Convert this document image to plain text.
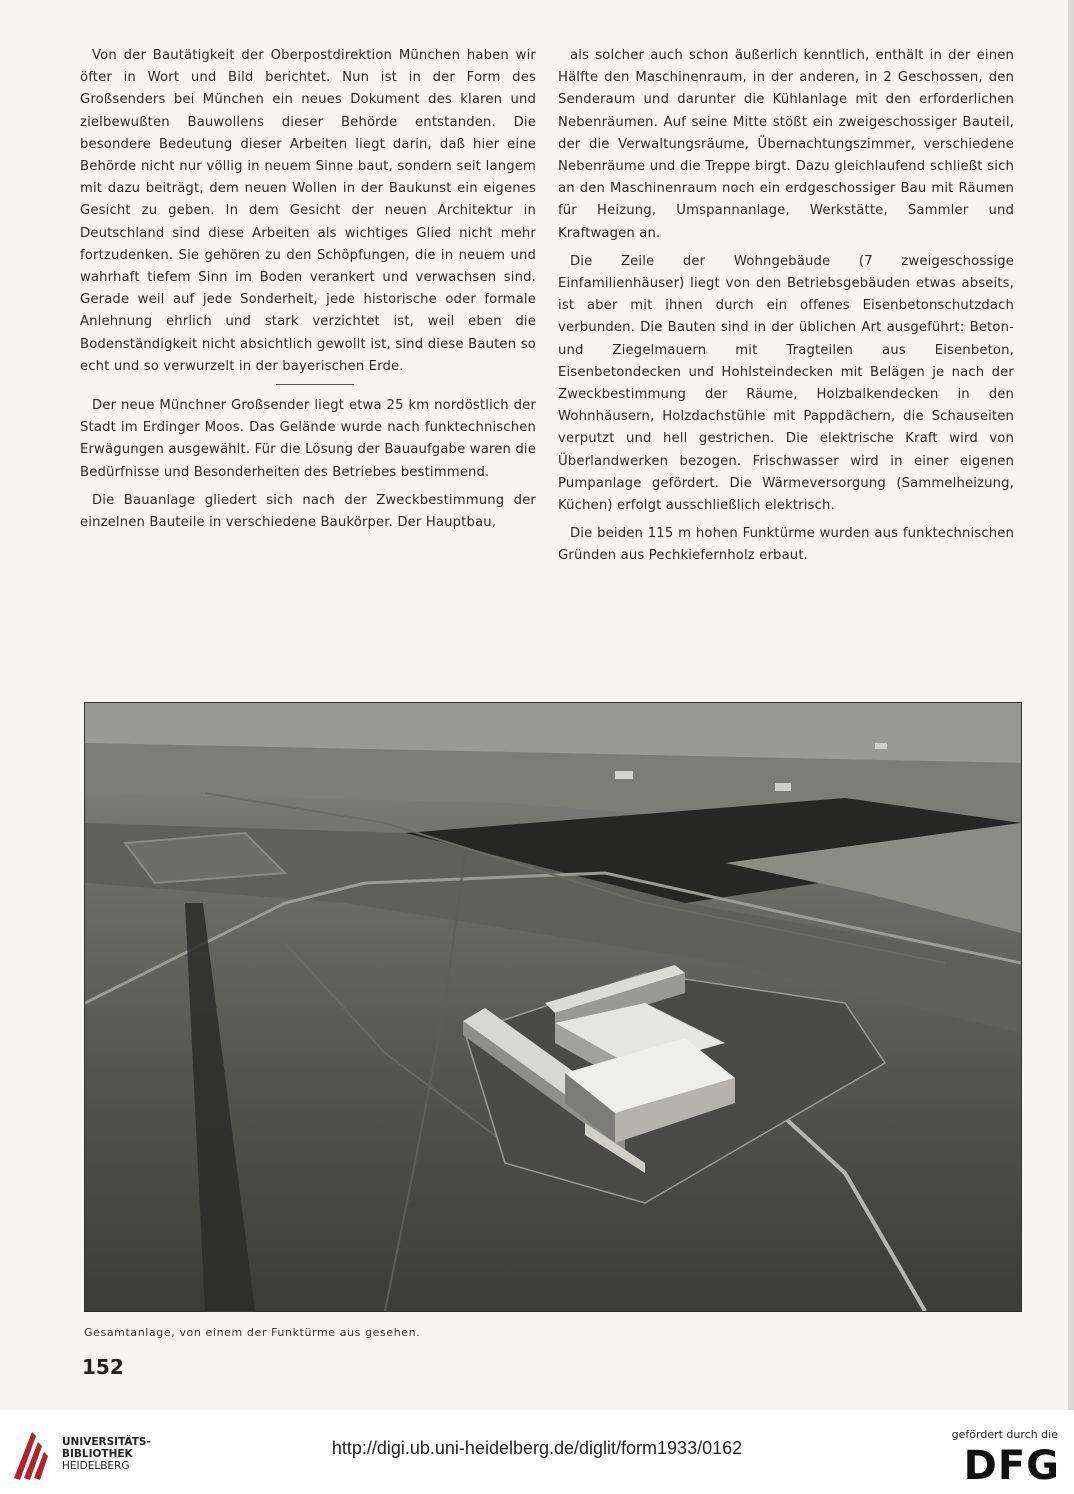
Von der Bautätigkeit der Oberpostdirektion München haben wir öfter in Wort und Bild berichtet. Nun ist in der Form des Großsenders bei München ein neues Dokument des klaren und zielbewußten Bauwollens dieser Behörde entstanden. Die besondere Bedeutung dieser Arbeiten liegt darin, daß hier eine Behörde nicht nur völlig in neuem Sinne baut, sondern seit langem mit dazu beiträgt, dem neuen Wollen in der Baukunst ein eigenes Gesicht zu geben. In dem Gesicht der neuen Architektur in Deutschland sind diese Arbeiten als wichtiges Glied nicht mehr fortzudenken. Sie gehören zu den Schöpfungen, die in neuem und wahrhaft tiefem Sinn im Boden verankert und verwachsen sind. Gerade weil auf jede Sonderheit, jede historische oder formale Anlehnung ehrlich und stark verzichtet ist, weil eben die Bodenständigkeit nicht absichtlich gewollt ist, sind diese Bauten so echt und so verwurzelt in der bayerischen Erde.

Der neue Münchner Großsender liegt etwa 25 km nordöstlich der Stadt im Erdinger Moos. Das Gelände wurde nach funktechnischen Erwägungen ausgewählt. Für die Lösung der Bauaufgabe waren die Bedürfnisse und Besonderheiten des Betriebes bestimmend.

Die Bauanlage gliedert sich nach der Zweckbestimmung der einzelnen Bauteile in verschiedene Baukörper. Der Hauptbau,

als solcher auch schon äußerlich kenntlich, enthält in der einen Hälfte den Maschinenraum, in der anderen, in 2 Geschossen, den Senderaum und darunter die Kühlanlage mit den erforderlichen Nebenräumen. Auf seine Mitte stößt ein zweigeschossiger Bauteil, der die Verwaltungsräume, Übernachtungszimmer, verschiedene Nebenräume und die Treppe birgt. Dazu gleichlaufend schließt sich an den Maschinenraum noch ein erdgeschossiger Bau mit Räumen für Heizung, Umspannanlage, Werkstätte, Sammler und Kraftwagen an.

Die Zeile der Wohngebäude (7 zweigeschossige Einfamilienhäuser) liegt von den Betriebsgebäuden etwas abseits, ist aber mit ihnen durch ein offenes Eisenbetonschutzdach verbunden. Die Bauten sind in der üblichen Art ausgeführt: Beton- und Ziegelmauern mit Tragteilen aus Eisenbeton, Eisenbetondecken und Hohlsteindecken mit Belägen je nach der Zweckbestimmung der Räume, Holzbalkendecken in den Wohnhäusern, Holzdachstühle mit Pappdächern, die Schauseiten verputzt und hell gestrichen. Die elektrische Kraft wird von Überlandwerken bezogen. Frischwasser wird in einer eigenen Pumpanlage gefördert. Die Wärmeversorgung (Sammelheizung, Küchen) erfolgt ausschließlich elektrisch.

Die beiden 115 m hohen Funktürme wurden aus funktechnischen Gründen aus Pechkiefernholz erbaut.

Gesamtanlage, von einem der Funktürme aus gesehen.
152
UNIVERSITÄTS-
BIBLIOTHEK
HEIDELBERG
http://digi.ub.uni-heidelberg.de/diglit/form1933/0162
gefördert durch die
DFG
